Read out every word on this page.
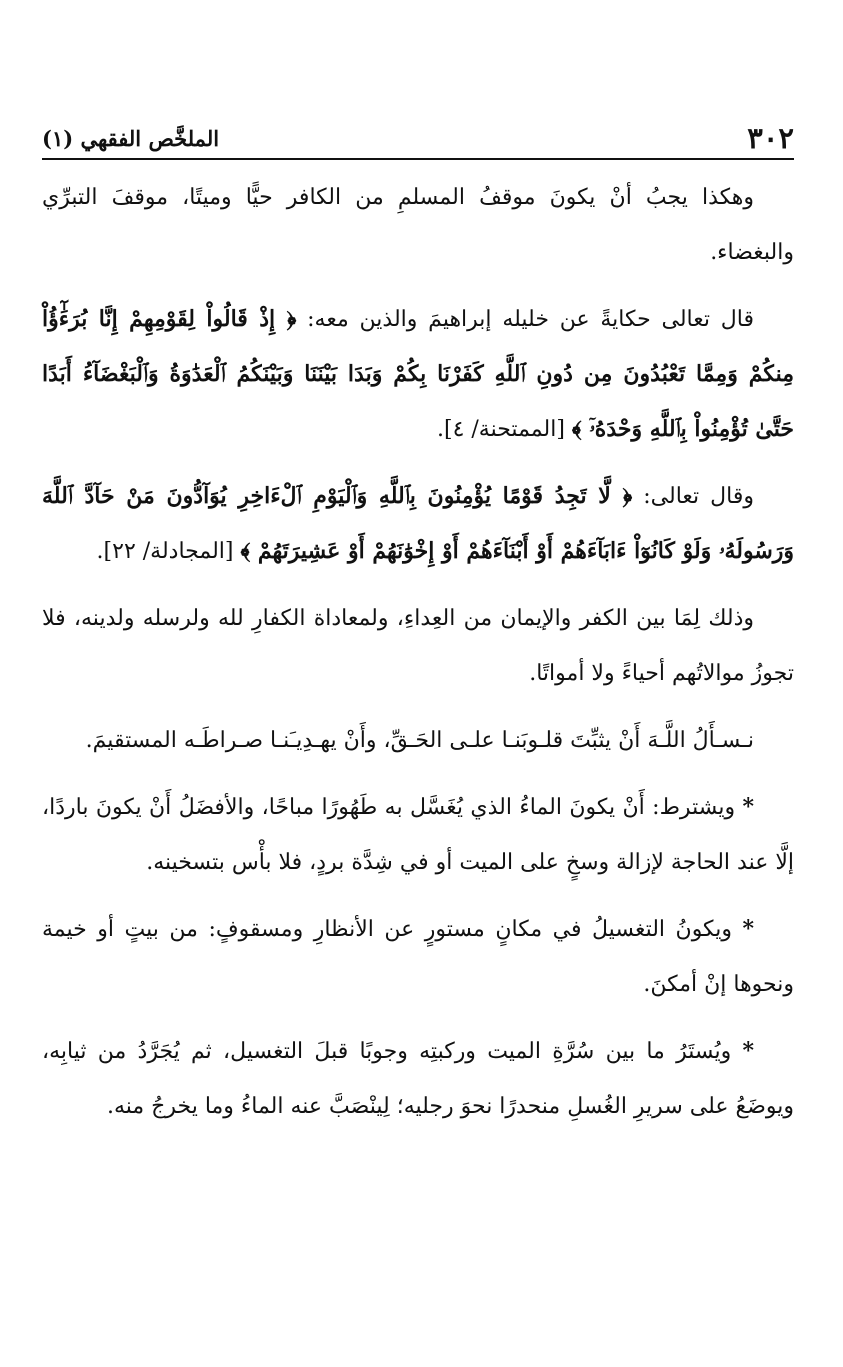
٣٠٢
الملخَّص الفقهي (١)

وهكذا يجبُ أنْ يكونَ موقفُ المسلمِ من الكافر حيًّا وميتًا، موقفَ التبرِّي والبغضاء.

قال تعالى حكايةً عن خليله إبراهيمَ والذين معه: ﴿ إِذْ قَالُواْ لِقَوْمِهِمْ إِنَّا بُرَءَٰٓؤُاْ مِنكُمْ وَمِمَّا تَعْبُدُونَ مِن دُونِ ٱللَّهِ كَفَرْنَا بِكُمْ وَبَدَا بَيْنَنَا وَبَيْنَكُمُ ٱلْعَدَٰوَةُ وَٱلْبَغْضَآءُ أَبَدًا حَتَّىٰ تُؤْمِنُواْ بِٱللَّهِ وَحْدَهُۥٓ ﴾ [الممتحنة/ ٤].

وقال تعالى: ﴿ لَّا تَجِدُ قَوْمًا يُؤْمِنُونَ بِٱللَّهِ وَٱلْيَوْمِ ٱلْءَاخِرِ يُوَآدُّونَ مَنْ حَآدَّ ٱللَّهَ وَرَسُولَهُۥ وَلَوْ كَانُوٓاْ ءَابَآءَهُمْ أَوْ أَبْنَآءَهُمْ أَوْ إِخْوَٰنَهُمْ أَوْ عَشِيرَتَهُمْ ﴾ [المجادلة/ ٢٢].

وذلك لِمَا بين الكفر والإيمان من العِداءِ، ولمعاداة الكفارِ لله ولرسله ولدينه، فلا تجوزُ موالاتُهم أحياءً ولا أمواتًا.

نـسـأَلُ اللَّـهَ أَنْ يثبِّتَ قلـوبَنـا علـى الحَـقِّ، وأَنْ يهـدِيـَنـا صـراطَـه المستقيمَ.

* ويشترط: أَنْ يكونَ الماءُ الذي يُغَسَّل به طَهُورًا مباحًا، والأفضَلُ أَنْ يكونَ باردًا، إلَّا عند الحاجة لإزالة وسخٍ على الميت أو في شِدَّة بردٍ، فلا بأْس بتسخينه.

* ويكونُ التغسيلُ في مكانٍ مستورٍ عن الأنظارِ ومسقوفٍ: من بيتٍ أو خيمة ونحوها إنْ أمكنَ.

* ويُستَرُ ما بين سُرَّةِ الميت وركبتِه وجوبًا قبلَ التغسيل، ثم يُجَرَّدُ من ثيابِه، ويوضَعُ على سريرِ الغُسلِ منحدرًا نحوَ رجليه؛ لِينْصَبَّ عنه الماءُ وما يخرجُ منه.
